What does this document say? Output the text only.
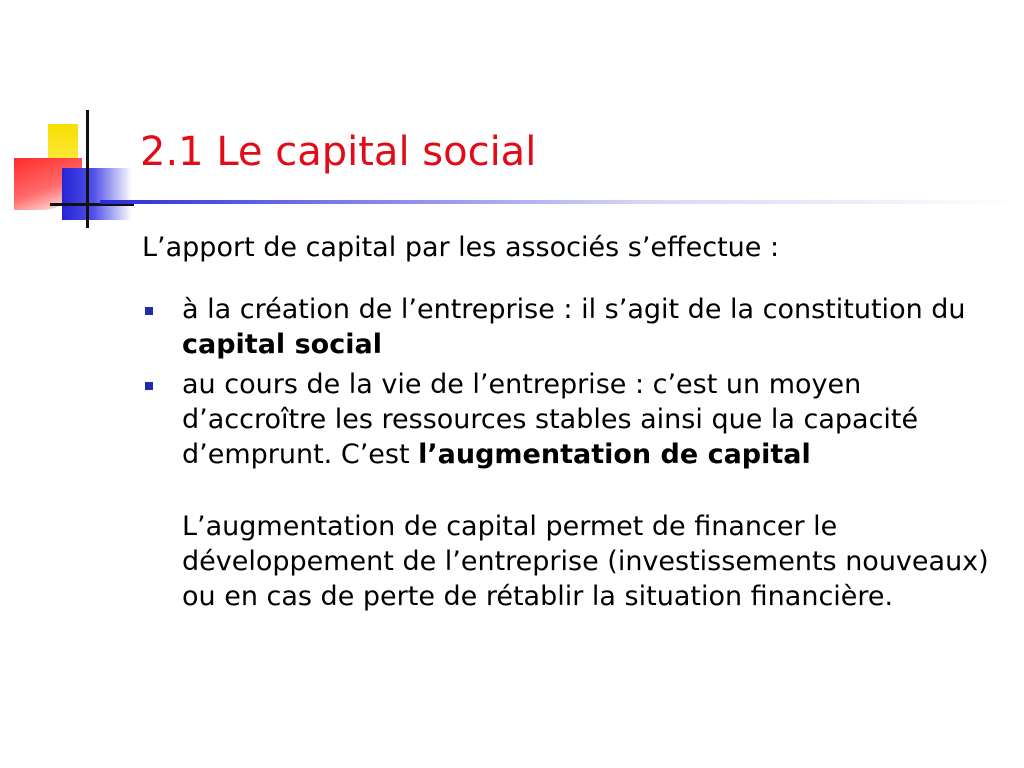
2.1 Le capital social

L’apport de capital par les associés s’effectue :

à la création de l’entreprise : il s’agit de la constitution du capital social
au cours de la vie de l’entreprise : c’est un moyen d’accroître les ressources stables ainsi que la capacité d’emprunt. C’est l’augmentation de capital
L’augmentation de capital permet de financer le développement de l’entreprise (investissements nouveaux) ou en cas de perte de rétablir la situation financière.
